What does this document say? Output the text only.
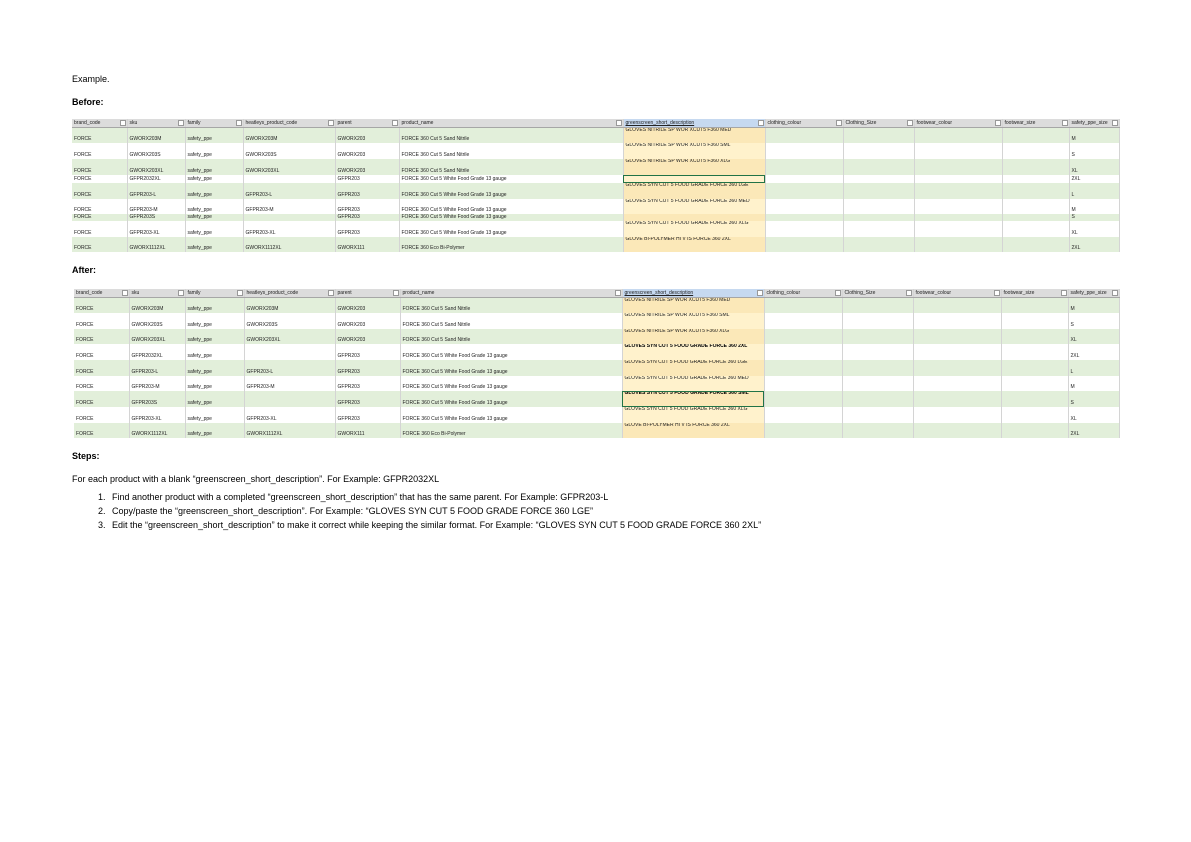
Example.

Before:

brand_code	sku	family	heatleys_product_code	parent	product_name	greenscreen_short_description	clothing_colour	Clothing_Size	footwear_colour	footwear_size	safety_ppe_size

FORCE	GWORX203M	safety_ppe	GWORX203M	GWORX203	FORCE 360 Cut 5 Sand Nitrile	GLOVES NITRILE SP WOR XCUT5 F360 MED					M
FORCE	GWORX203S	safety_ppe	GWORX203S	GWORX203	FORCE 360 Cut 5 Sand Nitrile	GLOVES NITRILE SP WOR XCUT5 F360 SML					S
FORCE	GWORX203XL	safety_ppe	GWORX203XL	GWORX203	FORCE 360 Cut 5 Sand Nitrile	GLOVES NITRILE SP WOR XCUT5 F360 XLG					XL
FORCE	GFPR2032XL	safety_ppe		GFPR203	FORCE 360 Cut 5 White Food Grade 13 gauge						2XL
FORCE	GFPR203-L	safety_ppe	GFPR203-L	GFPR203	FORCE 360 Cut 5 White Food Grade 13 gauge	GLOVES SYN CUT 5 FOOD GRADE FORCE 360 LGE					L
FORCE	GFPR203-M	safety_ppe	GFPR203-M	GFPR203	FORCE 360 Cut 5 White Food Grade 13 gauge	GLOVES SYN CUT 5 FOOD GRADE FORCE 360 MED					M
FORCE	GFPR203S	safety_ppe		GFPR203	FORCE 360 Cut 5 White Food Grade 13 gauge						S
FORCE	GFPR203-XL	safety_ppe	GFPR203-XL	GFPR203	FORCE 360 Cut 5 White Food Grade 13 gauge	GLOVES SYN CUT 5 FOOD GRADE FORCE 360 XLG					XL
FORCE	GWORX1112XL	safety_ppe	GWORX1112XL	GWORX111	FORCE 360 Eco Bi-Polymer	GLOVE BI-POLYMER HI V IS FORCE 360 2XL					2XL

After:

brand_code	sku	family	heatleys_product_code	parent	product_name	greenscreen_short_description	clothing_colour	Clothing_Size	footwear_colour	footwear_size	safety_ppe_size

FORCE	GWORX203M	safety_ppe	GWORX203M	GWORX203	FORCE 360 Cut 5 Sand Nitrile	GLOVES NITRILE SP WOR XCUT5 F360 MED					M
FORCE	GWORX203S	safety_ppe	GWORX203S	GWORX203	FORCE 360 Cut 5 Sand Nitrile	GLOVES NITRILE SP WOR XCUT5 F360 SML					S
FORCE	GWORX203XL	safety_ppe	GWORX203XL	GWORX203	FORCE 360 Cut 5 Sand Nitrile	GLOVES NITRILE SP WOR XCUT5 F360 XLG					XL
FORCE	GFPR2032XL	safety_ppe		GFPR203	FORCE 360 Cut 5 White Food Grade 13 gauge	GLOVES SYN CUT 5 FOOD GRADE FORCE 360 2XL					2XL
FORCE	GFPR203-L	safety_ppe	GFPR203-L	GFPR203	FORCE 360 Cut 5 White Food Grade 13 gauge	GLOVES SYN CUT 5 FOOD GRADE FORCE 360 LGE					L
FORCE	GFPR203-M	safety_ppe	GFPR203-M	GFPR203	FORCE 360 Cut 5 White Food Grade 13 gauge	GLOVES SYN CUT 5 FOOD GRADE FORCE 360 MED					M
FORCE	GFPR203S	safety_ppe		GFPR203	FORCE 360 Cut 5 White Food Grade 13 gauge	GLOVES SYN CUT 5 FOOD GRADE FORCE 360 SML					S
FORCE	GFPR203-XL	safety_ppe	GFPR203-XL	GFPR203	FORCE 360 Cut 5 White Food Grade 13 gauge	GLOVES SYN CUT 5 FOOD GRADE FORCE 360 XLG					XL
FORCE	GWORX1112XL	safety_ppe	GWORX1112XL	GWORX111	FORCE 360 Eco Bi-Polymer	GLOVE BI-POLYMER HI V IS FORCE 360 2XL					2XL

Steps:

For each product with a blank “greenscreen_short_description”. For Example: GFPR2032XL

1. Find another product with a completed “greenscreen_short_description” that has the same parent. For Example: GFPR203-L
2. Copy/paste the “greenscreen_short_description”. For Example: “GLOVES SYN CUT 5 FOOD GRADE FORCE 360 LGE”
3. Edit the “greenscreen_short_description” to make it correct while keeping the similar format. For Example: “GLOVES SYN CUT 5 FOOD GRADE FORCE 360 2XL”
